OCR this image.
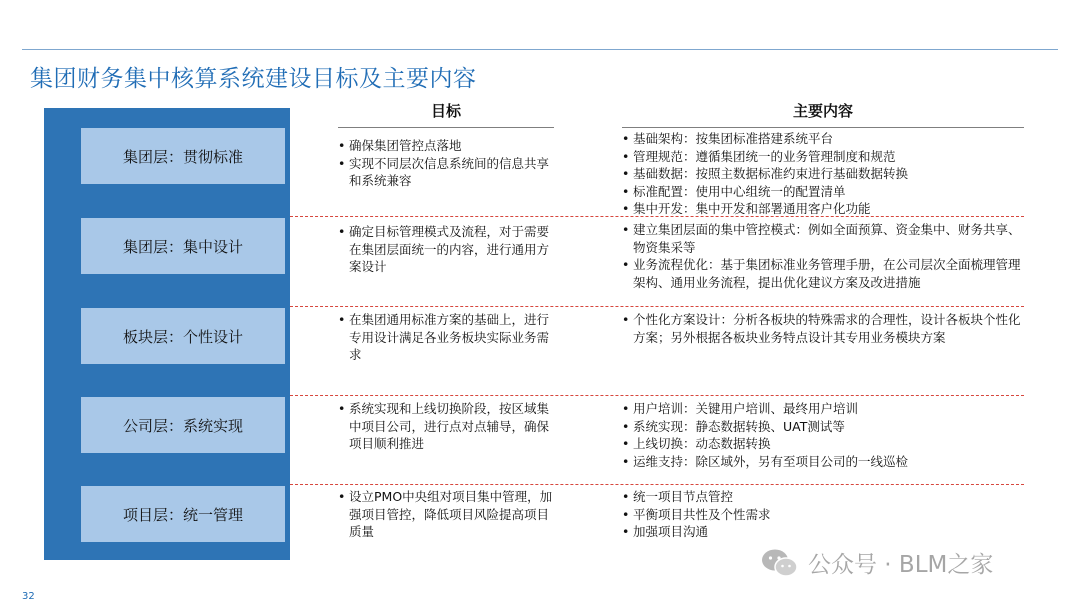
集团财务集中核算系统建设目标及主要内容
目标	主要内容
集团层：贯彻标准
• 确保集团管控点落地
• 实现不同层次信息系统间的信息共享和系统兼容
• 基础架构：按集团标准搭建系统平台
• 管理规范：遵循集团统一的业务管理制度和规范
• 基础数据：按照主数据标准约束进行基础数据转换
• 标准配置：使用中心组统一的配置清单
• 集中开发：集中开发和部署通用客户化功能
集团层：集中设计
• 确定目标管理模式及流程，对于需要在集团层面统一的内容，进行通用方案设计
• 建立集团层面的集中管控模式：例如全面预算、资金集中、财务共享、物资集采等
• 业务流程优化：基于集团标准业务管理手册，在公司层次全面梳理管理架构、通用业务流程，提出优化建议方案及改进措施
板块层：个性设计
• 在集团通用标准方案的基础上，进行专用设计满足各业务板块实际业务需求
• 个性化方案设计：分析各板块的特殊需求的合理性，设计各板块个性化方案；另外根据各板块业务特点设计其专用业务模块方案
公司层：系统实现
• 系统实现和上线切换阶段，按区域集中项目公司，进行点对点辅导，确保项目顺利推进
• 用户培训：关键用户培训、最终用户培训
• 系统实现：静态数据转换、UAT测试等
• 上线切换：动态数据转换
• 运维支持：除区域外，另有至项目公司的一线巡检
项目层：统一管理
• 设立PMO中央组对项目集中管理，加强项目管控，降低项目风险提高项目质量
• 统一项目节点管控
• 平衡项目共性及个性需求
• 加强项目沟通
公众号 · BLM之家
32
